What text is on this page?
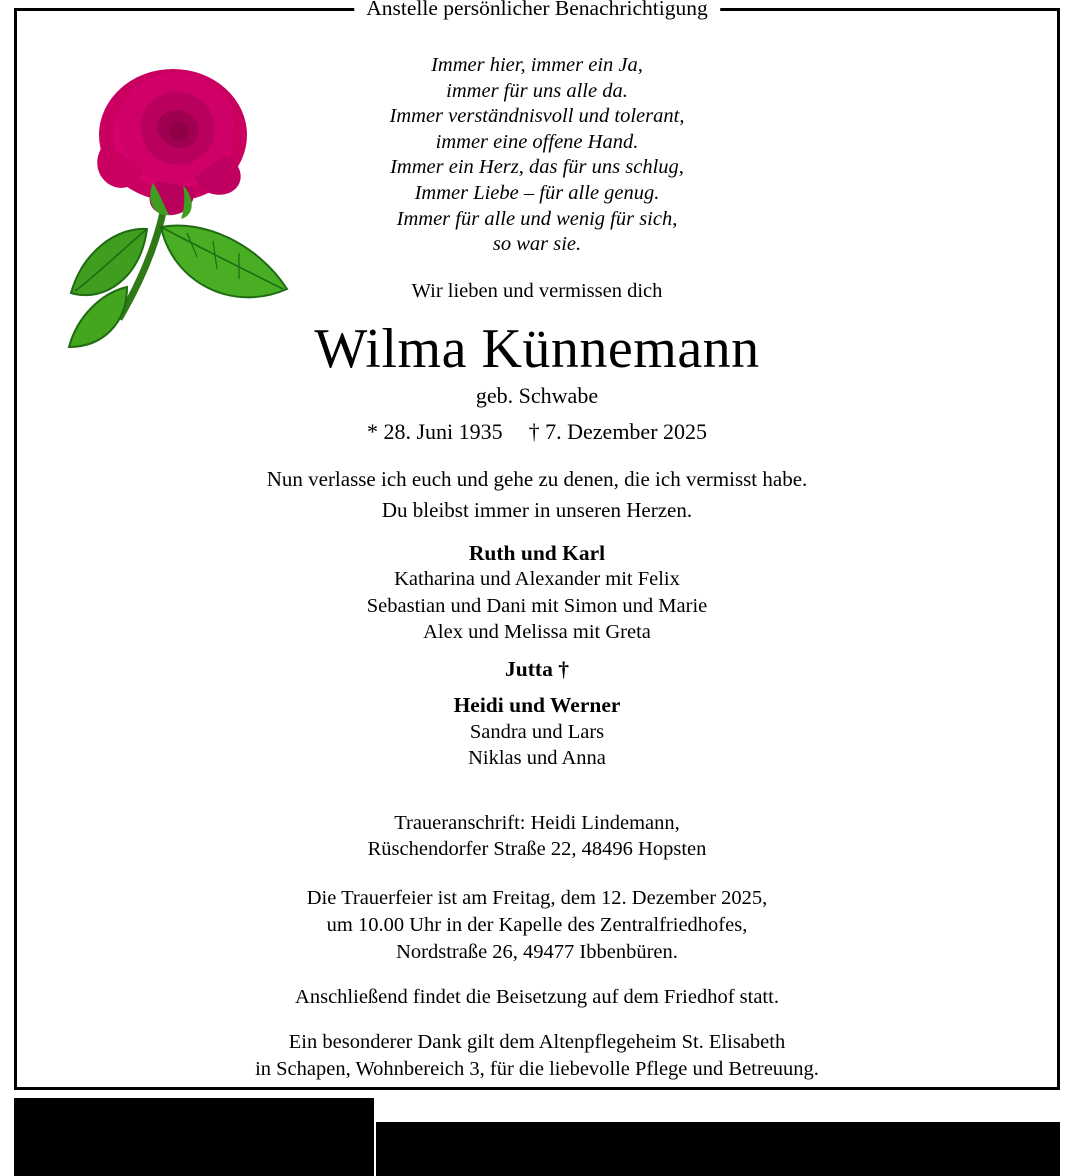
Anstelle persönlicher Benachrichtigung
Immer hier, immer ein Ja,
immer für uns alle da.
Immer verständnisvoll und tolerant,
immer eine offene Hand.
Immer ein Herz, das für uns schlug,
Immer Liebe – für alle genug.
Immer für alle und wenig für sich,
so war sie.
Wir lieben und vermissen dich
Wilma Künnemann
geb. Schwabe
* 28. Juni 1935 † 7. Dezember 2025
Nun verlasse ich euch und gehe zu denen, die ich vermisst habe.
Du bleibst immer in unseren Herzen.
Ruth und Karl
Katharina und Alexander mit Felix
Sebastian und Dani mit Simon und Marie
Alex und Melissa mit Greta
Jutta †
Heidi und Werner
Sandra und Lars
Niklas und Anna
Traueranschrift: Heidi Lindemann,
Rüschendorfer Straße 22, 48496 Hopsten
Die Trauerfeier ist am Freitag, dem 12. Dezember 2025,
um 10.00 Uhr in der Kapelle des Zentralfriedhofes,
Nordstraße 26, 49477 Ibbenbüren.
Anschließend findet die Beisetzung auf dem Friedhof statt.
Ein besonderer Dank gilt dem Altenpflegeheim St. Elisabeth
in Schapen, Wohnbereich 3, für die liebevolle Pflege und Betreuung.
